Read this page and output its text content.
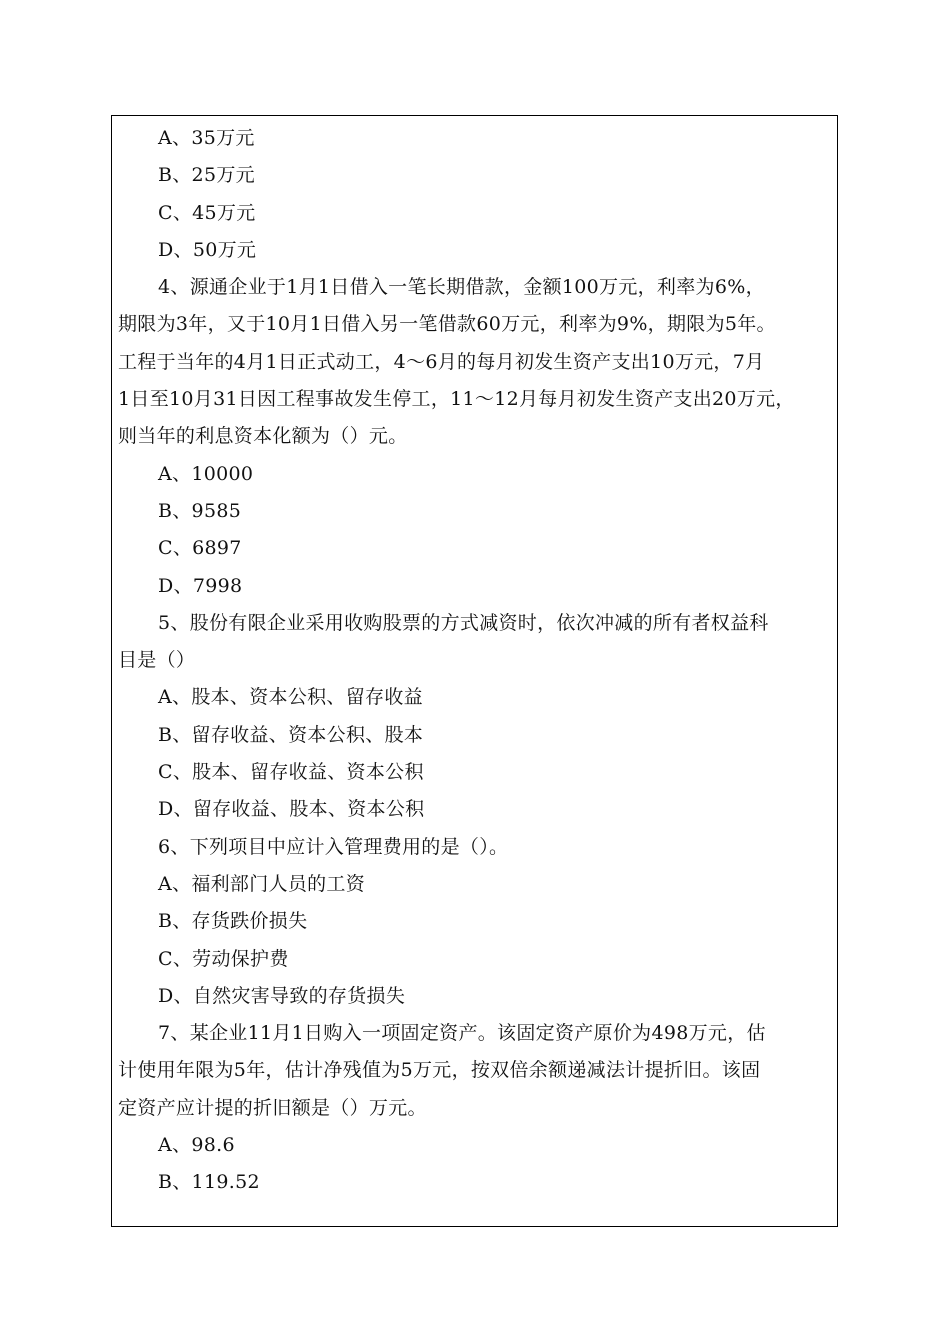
A、35万元
B、25万元
C、45万元
D、50万元
4、源通企业于1月1日借入一笔长期借款，金额100万元，利率为6%，
期限为3年，又于10月1日借入另一笔借款60万元，利率为9%，期限为5年。
工程于当年的4月1日正式动工，4～6月的每月初发生资产支出10万元，7月
1日至10月31日因工程事故发生停工，11～12月每月初发生资产支出20万元，
则当年的利息资本化额为（）元。
A、10000
B、9585
C、6897
D、7998
5、股份有限企业采用收购股票的方式减资时，依次冲减的所有者权益科
目是（）
A、股本、资本公积、留存收益
B、留存收益、资本公积、股本
C、股本、留存收益、资本公积
D、留存收益、股本、资本公积
6、下列项目中应计入管理费用的是（）。
A、福利部门人员的工资
B、存货跌价损失
C、劳动保护费
D、自然灾害导致的存货损失
7、某企业11月1日购入一项固定资产。该固定资产原价为498万元，估
计使用年限为5年，估计净残值为5万元，按双倍余额递减法计提折旧。该固
定资产应计提的折旧额是（）万元。
A、98.6
B、119.52
